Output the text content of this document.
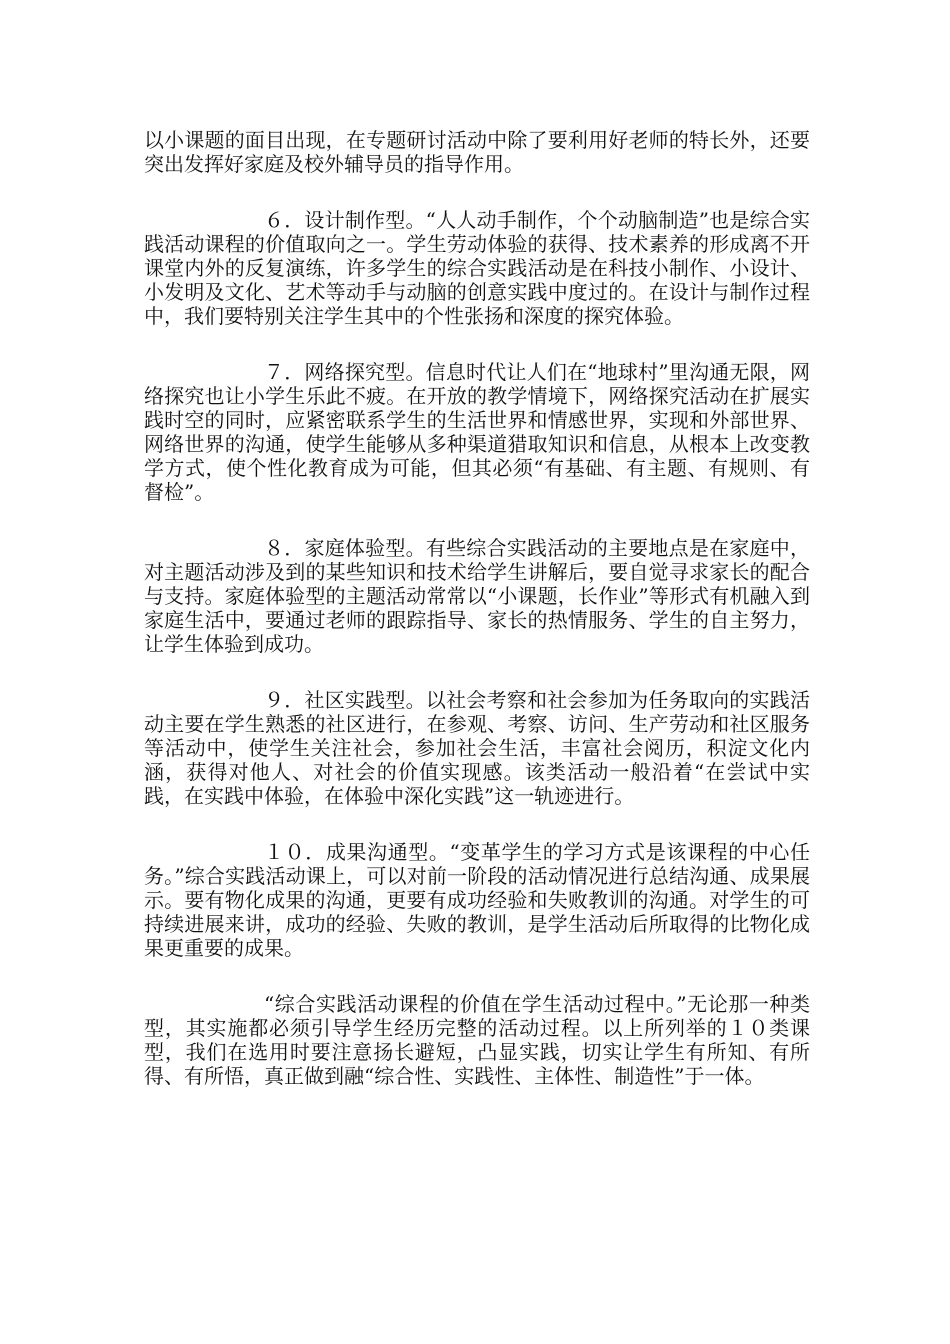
以小课题的面目出现，在专题研讨活动中除了要利用好老师的特长外，还要突出发挥好家庭及校外辅导员的指导作用。

６．设计制作型。“人人动手制作，个个动脑制造”也是综合实践活动课程的价值取向之一。学生劳动体验的获得、技术素养的形成离不开课堂内外的反复演练，许多学生的综合实践活动是在科技小制作、小设计、小发明及文化、艺术等动手与动脑的创意实践中度过的。在设计与制作过程中，我们要特别关注学生其中的个性张扬和深度的探究体验。

７．网络探究型。信息时代让人们在“地球村”里沟通无限，网络探究也让小学生乐此不疲。在开放的教学情境下，网络探究活动在扩展实践时空的同时，应紧密联系学生的生活世界和情感世界，实现和外部世界、网络世界的沟通，使学生能够从多种渠道猎取知识和信息，从根本上改变教学方式，使个性化教育成为可能，但其必须“有基础、有主题、有规则、有督检”。

８．家庭体验型。有些综合实践活动的主要地点是在家庭中，对主题活动涉及到的某些知识和技术给学生讲解后，要自觉寻求家长的配合与支持。家庭体验型的主题活动常常以“小课题，长作业”等形式有机融入到家庭生活中，要通过老师的跟踪指导、家长的热情服务、学生的自主努力，让学生体验到成功。

９．社区实践型。以社会考察和社会参加为任务取向的实践活动主要在学生熟悉的社区进行，在参观、考察、访问、生产劳动和社区服务等活动中，使学生关注社会，参加社会生活，丰富社会阅历，积淀文化内涵，获得对他人、对社会的价值实现感。该类活动一般沿着“在尝试中实践，在实践中体验，在体验中深化实践”这一轨迹进行。

１０．成果沟通型。“变革学生的学习方式是该课程的中心任务。”综合实践活动课上，可以对前一阶段的活动情况进行总结沟通、成果展示。要有物化成果的沟通，更要有成功经验和失败教训的沟通。对学生的可持续进展来讲，成功的经验、失败的教训，是学生活动后所取得的比物化成果更重要的成果。

“综合实践活动课程的价值在学生活动过程中。”无论那一种类型，其实施都必须引导学生经历完整的活动过程。以上所列举的１０类课型，我们在选用时要注意扬长避短，凸显实践，切实让学生有所知、有所得、有所悟，真正做到融“综合性、实践性、主体性、制造性”于一体。
